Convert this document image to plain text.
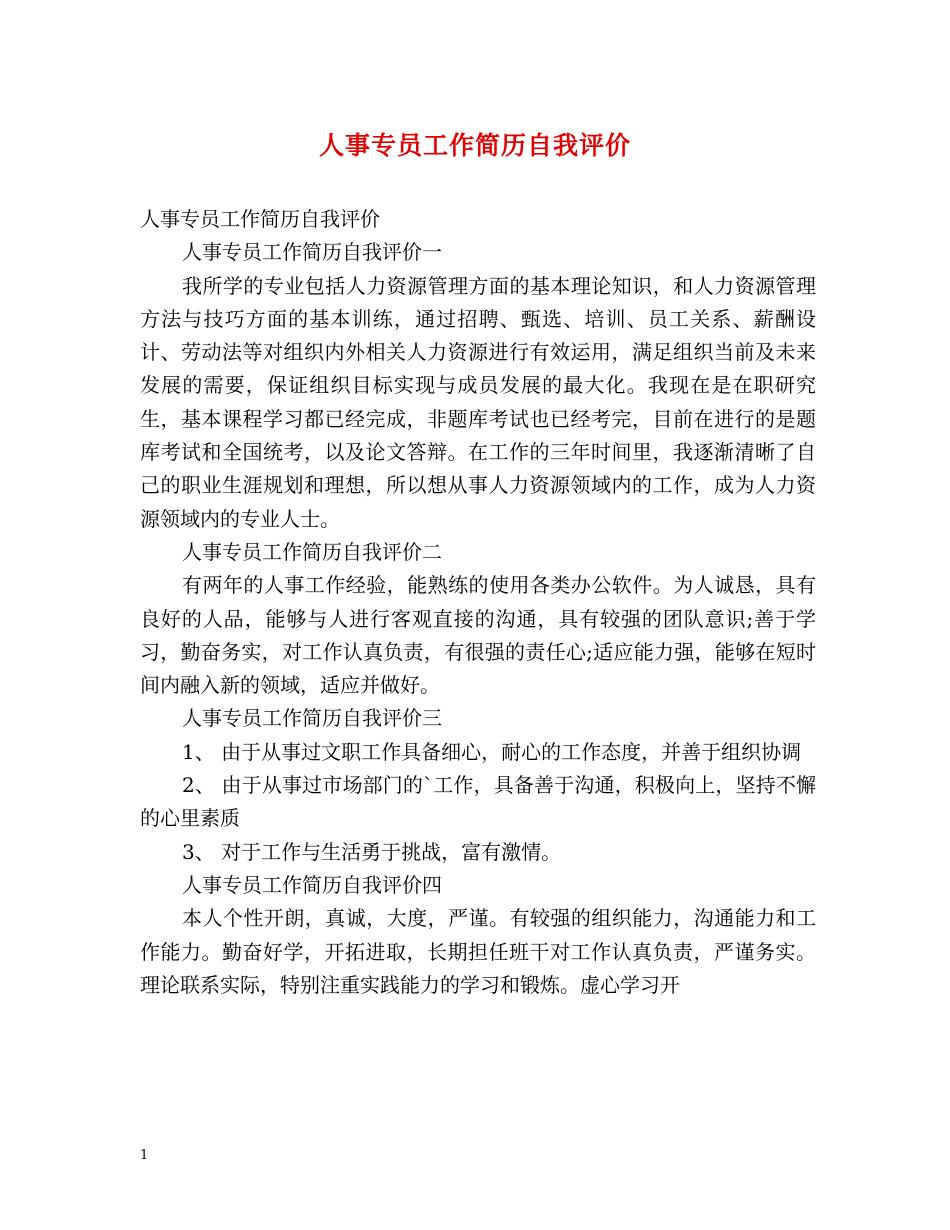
人事专员工作简历自我评价

人事专员工作简历自我评价

人事专员工作简历自我评价一

我所学的专业包括人力资源管理方面的基本理论知识，和人力资源管理方法与技巧方面的基本训练，通过招聘、甄选、培训、员工关系、薪酬设计、劳动法等对组织内外相关人力资源进行有效运用，满足组织当前及未来发展的需要，保证组织目标实现与成员发展的最大化。我现在是在职研究生，基本课程学习都已经完成，非题库考试也已经考完，目前在进行的是题库考试和全国统考，以及论文答辩。在工作的三年时间里，我逐渐清晰了自己的职业生涯规划和理想，所以想从事人力资源领域内的工作，成为人力资源领域内的专业人士。

人事专员工作简历自我评价二

有两年的人事工作经验，能熟练的使用各类办公软件。为人诚恳，具有良好的人品，能够与人进行客观直接的沟通，具有较强的团队意识;善于学习，勤奋务实，对工作认真负责，有很强的责任心;适应能力强，能够在短时间内融入新的领域，适应并做好。

人事专员工作简历自我评价三

1、 由于从事过文职工作具备细心，耐心的工作态度，并善于组织协调

2、 由于从事过市场部门的`工作，具备善于沟通，积极向上，坚持不懈的心里素质

3、 对于工作与生活勇于挑战，富有激情。

人事专员工作简历自我评价四

本人个性开朗，真诚，大度，严谨。有较强的组织能力，沟通能力和工作能力。勤奋好学，开拓进取，长期担任班干对工作认真负责，严谨务实。理论联系实际，特别注重实践能力的学习和锻炼。虚心学习开

1
